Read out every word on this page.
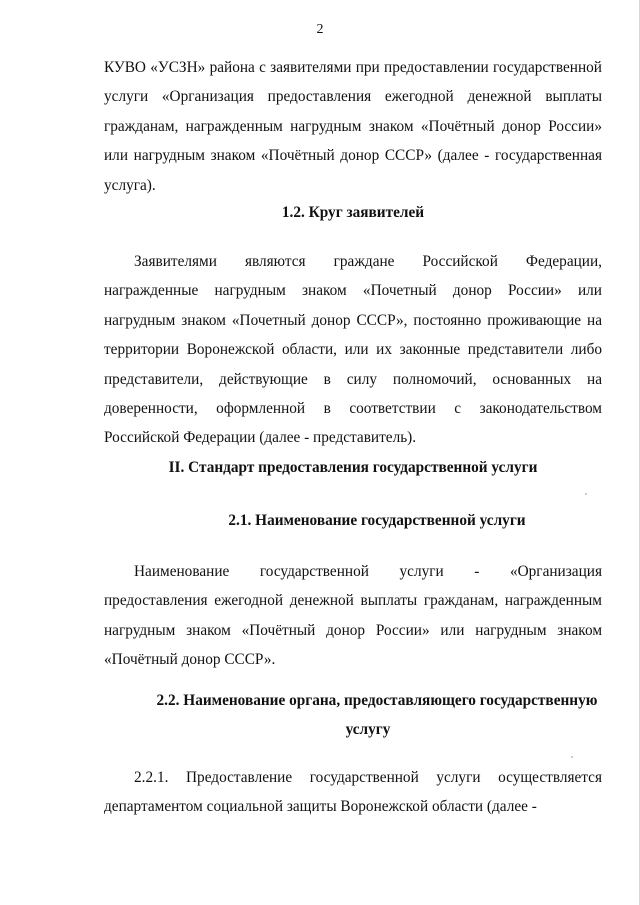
2

КУВО «УСЗН» района с заявителями при предоставлении государственной услуги «Организация предоставления ежегодной денежной выплаты гражданам, награжденным нагрудным знаком «Почётный донор России» или нагрудным знаком «Почётный донор СССР» (далее - государственная услуга).

1.2. Круг заявителей

Заявителями являются граждане Российской Федерации, награжденные нагрудным знаком «Почетный донор России» или нагрудным знаком «Почетный донор СССР», постоянно проживающие на территории Воронежской области, или их законные представители либо представители, действующие в силу полномочий, основанных на доверенности, оформленной в соответствии с законодательством Российской Федерации (далее - представитель).

II. Стандарт предоставления государственной услуги

2.1. Наименование государственной услуги

Наименование государственной услуги - «Организация предоставления ежегодной денежной выплаты гражданам, награжденным нагрудным знаком «Почётный донор России» или нагрудным знаком «Почётный донор СССР».

2.2. Наименование органа, предоставляющего государственную

услугу

2.2.1. Предоставление государственной услуги осуществляется департаментом социальной защиты Воронежской области (далее -
